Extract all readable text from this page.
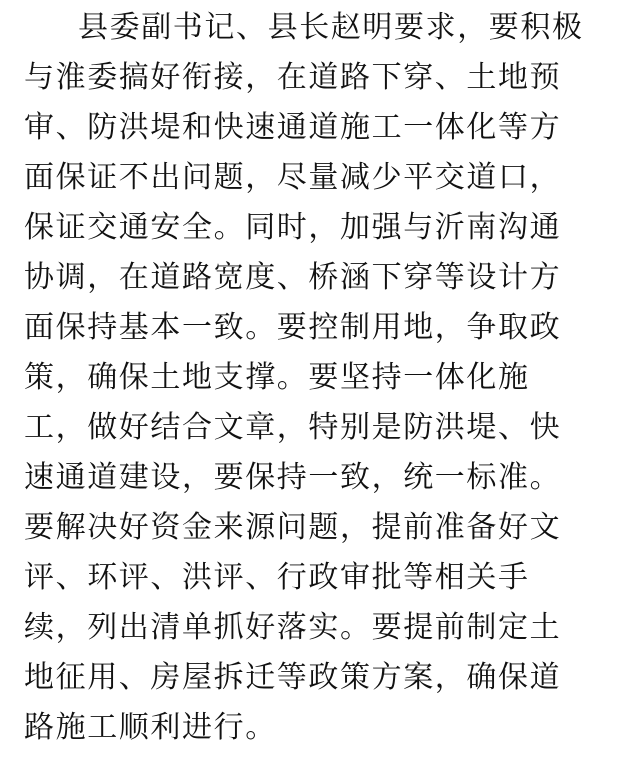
县委副书记、县长赵明要求，要积极
与淮委搞好衔接，在道路下穿、土地预
审、防洪堤和快速通道施工一体化等方
面保证不出问题，尽量减少平交道口，
保证交通安全。同时，加强与沂南沟通
协调，在道路宽度、桥涵下穿等设计方
面保持基本一致。要控制用地，争取政
策，确保土地支撑。要坚持一体化施
工，做好结合文章，特别是防洪堤、快
速通道建设，要保持一致，统一标准。
要解决好资金来源问题，提前准备好文
评、环评、洪评、行政审批等相关手
续，列出清单抓好落实。要提前制定土
地征用、房屋拆迁等政策方案，确保道
路施工顺利进行。
